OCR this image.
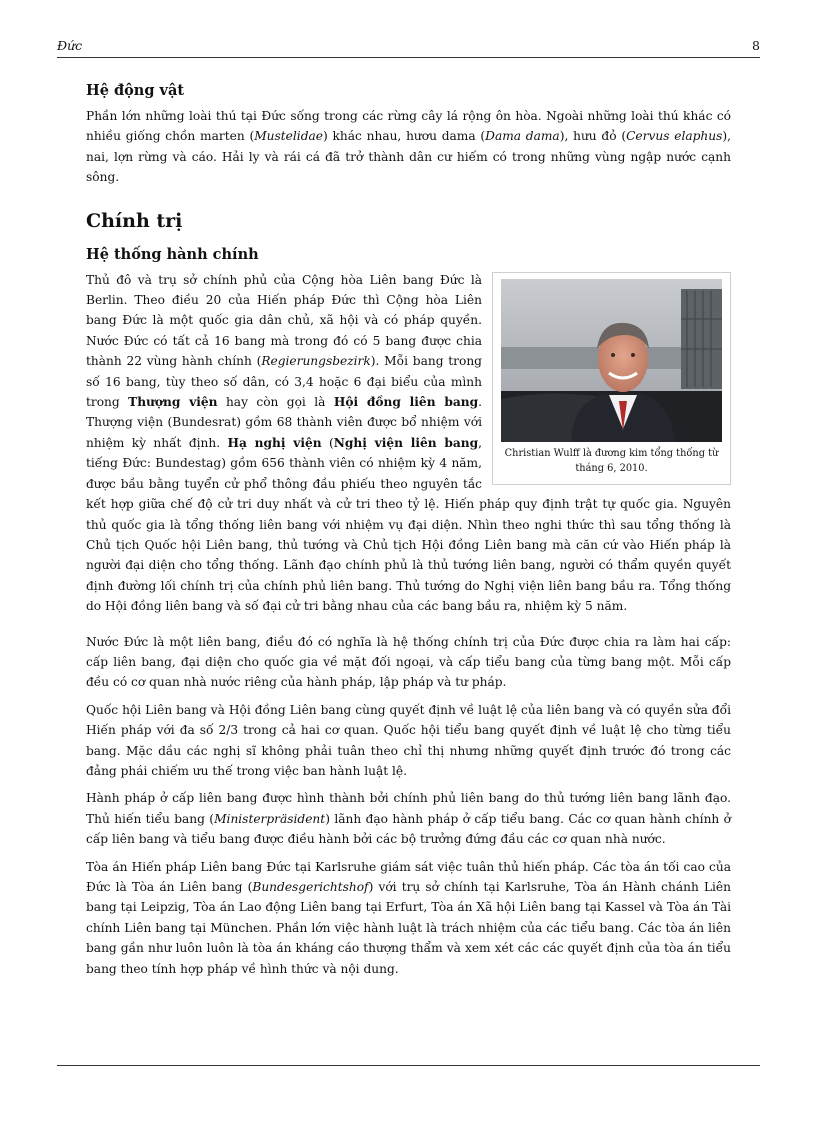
Đức	8
Hệ động vật

Phần lớn những loài thú tại Đức sống trong các rừng cây lá rộng ôn hòa. Ngoài những loài thú khác có nhiều giống chồn marten (Mustelidae) khác nhau, hươu dama (Dama dama), hưu đỏ (Cervus elaphus), nai, lợn rừng và cáo. Hải ly và rái cá đã trở thành dân cư hiếm có trong những vùng ngập nước cạnh sông.

Chính trị
Hệ thống hành chính
Christian Wulff là đương kim tổng thống từ tháng 6, 2010.

Thủ đô và trụ sở chính phủ của Cộng hòa Liên bang Đức là Berlin. Theo điều 20 của Hiến pháp Đức thì Cộng hòa Liên bang Đức là một quốc gia dân chủ, xã hội và có pháp quyền. Nước Đức có tất cả 16 bang mà trong đó có 5 bang được chia thành 22 vùng hành chính (Regierungsbezirk). Mỗi bang trong số 16 bang, tùy theo số dân, có 3,4 hoặc 6 đại biểu của mình trong Thượng viện hay còn gọi là Hội đồng liên bang. Thượng viện (Bundesrat) gồm 68 thành viên được bổ nhiệm với nhiệm kỳ nhất định. Hạ nghị viện (Nghị viện liên bang, tiếng Đức: Bundestag) gồm 656 thành viên có nhiệm kỳ 4 năm, được bầu bằng tuyển cử phổ thông đầu phiếu theo nguyên tắc kết hợp giữa chế độ cử tri duy nhất và cử tri theo tỷ lệ. Hiến pháp quy định trật tự quốc gia. Nguyên thủ quốc gia là tổng thống liên bang với nhiệm vụ đại diện. Nhìn theo nghi thức thì sau tổng thống là Chủ tịch Quốc hội Liên bang, thủ tướng và Chủ tịch Hội đồng Liên bang mà căn cứ vào Hiến pháp là người đại diện cho tổng thống. Lãnh đạo chính phủ là thủ tướng liên bang, người có thẩm quyền quyết định đường lối chính trị của chính phủ liên bang. Thủ tướng do Nghị viện liên bang bầu ra. Tổng thống do Hội đồng liên bang và số đại cử tri bằng nhau của các bang bầu ra, nhiệm kỳ 5 năm.

Nước Đức là một liên bang, điều đó có nghĩa là hệ thống chính trị của Đức được chia ra làm hai cấp: cấp liên bang, đại diện cho quốc gia về mặt đối ngoại, và cấp tiểu bang của từng bang một. Mỗi cấp đều có cơ quan nhà nước riêng của hành pháp, lập pháp và tư pháp.

Quốc hội Liên bang và Hội đồng Liên bang cùng quyết định về luật lệ của liên bang và có quyền sửa đổi Hiến pháp với đa số 2/3 trong cả hai cơ quan. Quốc hội tiểu bang quyết định về luật lệ cho từng tiểu bang. Mặc dầu các nghị sĩ không phải tuân theo chỉ thị nhưng những quyết định trước đó trong các đảng phái chiếm ưu thế trong việc ban hành luật lệ.

Hành pháp ở cấp liên bang được hình thành bởi chính phủ liên bang do thủ tướng liên bang lãnh đạo. Thủ hiến tiểu bang (Ministerpräsident) lãnh đạo hành pháp ở cấp tiểu bang. Các cơ quan hành chính ở cấp liên bang và tiểu bang được điều hành bởi các bộ trưởng đứng đầu các cơ quan nhà nước.

Tòa án Hiến pháp Liên bang Đức tại Karlsruhe giám sát việc tuân thủ hiến pháp. Các tòa án tối cao của Đức là Tòa án Liên bang (Bundesgerichtshof) với trụ sở chính tại Karlsruhe, Tòa án Hành chánh Liên bang tại Leipzig, Tòa án Lao động Liên bang tại Erfurt, Tòa án Xã hội Liên bang tại Kassel và Tòa án Tài chính Liên bang tại München. Phần lớn việc hành luật là trách nhiệm của các tiểu bang. Các tòa án liên bang gần như luôn luôn là tòa án kháng cáo thượng thẩm và xem xét các các quyết định của tòa án tiểu bang theo tính hợp pháp về hình thức và nội dung.
